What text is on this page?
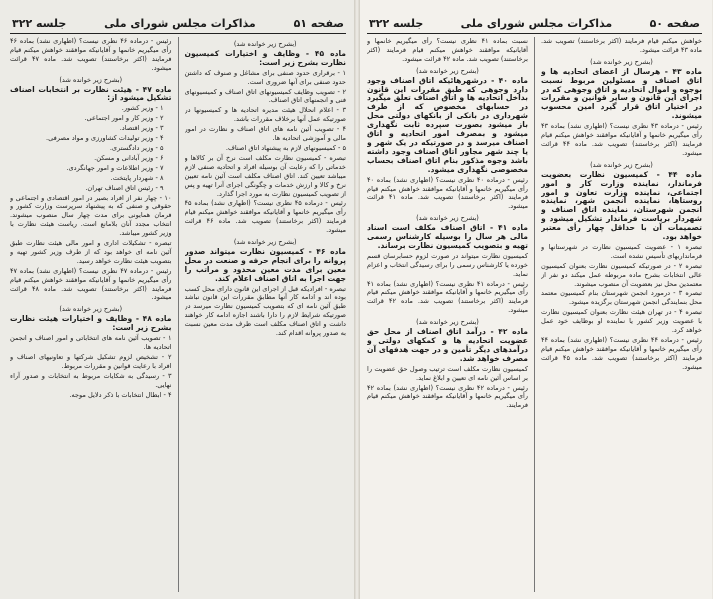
صفحه ۵۱
مذاکرات مجلس شورای ملی
جلسه ۳۲۲

رئیس - درماده ۴۶ نظری نیست؟ (اظهاری نشد) بماده ۴۶ رأی میگیریم خانمها و آقایانیکه موافقند خواهش میکنم قیام فرمایند (اکثر برخاستند) تصویب شد. ماده ۴۷ قرائت میشود.

(بشرح زیر خوانده شد)

ماده ۴۷ - هیئت نظارت بر انتخابات اصناف تشکیل میشود از:

۱ - وزیر کشور.

۲ - وزیر کار و امور اجتماعی.

۳ - وزیر اقتصاد.

۴ - وزیر تولیدات کشاورزی و مواد مصرفی.

۵ - وزیر دادگستری.

۶ - وزیر آبادانی و مسکن.

۷ - وزیر اطلاعات و امور جهانگردی.

۸ - شهردار پایتخت.

۹ - رئیس اتاق اصناف تهران.

۱۰ - چهار نفر از افراد بصیر در امور اقتصادی و اجتماعی و حقوقی و صنفی که به پیشنهاد سرپرست وزارت کشور و فرمان همایونی برای مدت چهار سال منصوب میشوند. انتخاب مجدد آنان بلامانع است. ریاست هیئت نظارت با وزیر کشور میباشد.

تبصره - تشکیلات اداری و امور مالی هیئت نظارت طبق آئین نامه ای خواهد بود که از طرف وزیر کشور تهیه و بتصویب هیئت نظارت خواهد رسید.

رئیس - درماده ۴۷ نظری نیست؟ (اظهاری نشد) بماده ۴۷ رأی میگیریم خانمها و آقایانیکه موافقند خواهش میکنم قیام فرمایند (اکثر برخاستند) تصویب شد. ماده ۴۸ قرائت میشود.

(بشرح زیر خوانده شد)

ماده ۴۸ - وظایف و اختیارات هیئت نظارت بشرح زیر است:

۱ - تصویب آئین نامه های انتخاباتی و امور اصناف و انجمن اتحادیه ها.

۲ - تشخیص لزوم تشکیل شرکتها و تعاونیهای اصناف و افراد با رعایت قوانین و مقررات مربوط.

۳ - رسیدگی به شکایات مربوط به انتخابات و صدور آراء نهایی.

۴ - ابطال انتخابات با ذکر دلایل موجه.

(بشرح زیر خوانده شد)

ماده ۴۵ - وظایف و اختیارات کمیسیون نظارت بشرح زیر است:

۱ - برقراری حدود صنفی برای مشاغل و صنوف که داشتن حدود صنفی برای آنها ضروری است.

۲ - تصویب وظایف کمیسیونهای اتاق اصناف و کمیسیونهای فنی و انجمنهای اتاق اصناف.

۳ - اعلام انحلال هیئت مدیره اتحادیه ها و کمیسیونها در صورتیکه عمل آنها برخلاف مقررات باشد.

۴ - تصویب آئین نامه های اتاق اصناف و نظارت در امور مالی و آموزشی اتحادیه ها.

۵ - کمیسیونهای لازم به پیشنهاد اتاق اصناف.

تبصره - کمیسیون نظارت مکلف است نرخ آن بر کالاها و خدماتی را که رعایت آن بوسیله افراد و اتحادیه صنفی لازم میباشد تعیین کند. اتاق اصناف مکلف است آئین نامه تعیین نرخ و کالا و ارزش خدمات و چگونگی اجرای آنرا تهیه و پس از تصویب کمیسیون نظارت به مورد اجرا گذارد.

رئیس - درماده ۴۵ نظری نیست؟ (اظهاری نشد) بماده ۴۵ رأی میگیریم خانمها و آقایانیکه موافقند خواهش میکنم قیام فرمایند (اکثر برخاستند) تصویب شد. ماده ۴۶ قرائت میشود.

(بشرح زیر خوانده شد)

ماده ۴۶ - کمیسیون نظارت میتواند صدور پروانه را برای انجام حرفه و صنعت در محل معین برای مدت معین محدود و مراتب را جهت اجرا به اتاق اصناف اعلام کند.

تبصره - افرادیکه قبل از اجرای این قانون دارای محل کسب بوده اند و ادامه کار آنها مطابق مقررات این قانون نباشد طبق آئین نامه ای که بتصویب کمیسیون نظارت میرسد در صورتیکه شرایط لازم را دارا باشند اجازه ادامه کار خواهند داشت و اتاق اصناف مکلف است ظرف مدت معین نسبت به صدور پروانه اقدام کند.

صفحه ۵۰
مذاکرات مجلس شورای ملی
جلسه ۳۲۲

نسبت بماده ۴۱ نظری نیست؟ رأی میگیریم خانمها و آقایانیکه موافقند خواهش میکنم قیام فرمایند (اکثر برخاستند) تصویب شد. ماده ۴۲ قرائت میشود.

(بشرح زیر خوانده شد)

ماده ۴۰ - درشهرهائیکه اتاق اصناف وجود دارد وجوهی که طبق مقررات این قانون بداخل اتحادیه ها و اتاق اصناف تعلق میگیرد در حسابهای مخصوص که از طرف شهرداری در بانکی از بانکهای دولتی محل باز میشود بصورت سپرده ثابت نگهداری میشود و بمصرف امور اتحادیه و اتاق اصناف میرسد و در صورتیکه در یک شهر و یا چند شهر مجاور اتاق اصناف وجود داشته باشد وجوه مذکور بنام اتاق اصناف بحساب مخصوصی نگهداری میشود.

رئیس - درماده ۴۰ نظری نیست؟ (اظهاری نشد) بماده ۴۰ رأی میگیریم خانمها و آقایانیکه موافقند خواهش میکنم قیام فرمایند (اکثر برخاستند) تصویب شد. ماده ۴۱ قرائت میشود.

(بشرح زیر خوانده شد)

ماده ۴۱ - اتاق اصناف مکلف است اسناد مالی هر سال را بوسیله کارشناس رسمی تهیه و بتصویب کمیسیون نظارت برساند.

کمیسیون نظارت میتواند در صورت لزوم حسابرسان قسم خورده یا کارشناس رسمی را برای رسیدگی انتخاب و اعزام نماید.

رئیس - درماده ۴۱ نظری نیست؟ (اظهاری نشد) بماده ۴۱ رأی میگیریم خانمها و آقایانیکه موافقند خواهش میکنم قیام فرمایند (اکثر برخاستند) تصویب شد. ماده ۴۲ قرائت میشود.

(بشرح زیر خوانده شد)

ماده ۴۲ - درآمد اتاق اصناف از محل حق عضویت اتحادیه ها و کمکهای دولتی و درآمدهای دیگر تأمین و در جهت هدفهای آن مصرف خواهد شد.

کمیسیون نظارت مکلف است ترتیب وصول حق عضویت را بر اساس آئین نامه ای تعیین و ابلاغ نماید.

رئیس - درماده ۴۲ نظری نیست؟ (اظهاری نشد) بماده ۴۲ رأی میگیریم خانمها و آقایانیکه موافقند خواهش میکنم قیام فرمایند.

خواهش میکنم قیام فرمایند (اکثر برخاستند) تصویب شد. ماده ۴۳ قرائت میشود.

(بشرح زیر خوانده شد)

ماده ۴۳ - هرسال از اعضای اتحادیه ها و اتاق اصناف و مسئولین مربوط نسبت بوجوه و اموال اتحادیه و اتاق وجوهی که در اجرای این قانون و سایر قوانین و مقررات در اختیار اتاق قرار گیرد امین محسوب میشوند.

رئیس - درماده ۴۳ نظری نیست؟ (اظهاری نشد) بماده ۴۳ رأی میگیریم خانمها و آقایانیکه موافقند خواهش میکنم قیام فرمایند (اکثر برخاستند) تصویب شد. ماده ۴۴ قرائت میشود.

(بشرح زیر خوانده شد)

ماده ۴۴ - کمیسیون نظارت بعضویت فرماندار، نماینده وزارت کار و امور اجتماعی، نماینده وزارت تعاون و امور روستاها، نماینده انجمن شهر، نماینده انجمن شهرستان، نماینده اتاق اصناف و شهردار بریاست فرماندار تشکیل میشود و تصمیمات آن با حداقل چهار رأی معتبر خواهد بود.

تبصره ۱ - عضویت کمیسیون نظارت در شهرستانها و فرمانداریهای تأسیس نشده است.

تبصره ۲ - در صورتیکه کمیسیون نظارت بعنوان کمیسیون عالی انتخابات بشرح ماده مربوطه عمل میکند دو نفر از معتمدین محل نیز بعضویت آن منصوب میشوند.

تبصره ۳ - درمورد انجمن شهرستان بنام کمیسیون معتمد محل بنمایندگی انجمن شهرستان برگزیده میشود.

تبصره ۴ - در تهران هیئت نظارت بعنوان کمیسیون نظارت با عضویت وزیر کشور یا نماینده او بوظایف خود عمل خواهد کرد.

رئیس - درماده ۴۴ نظری نیست؟ (اظهاری نشد) بماده ۴۴ رأی میگیریم خانمها و آقایانیکه موافقند خواهش میکنم قیام فرمایند (اکثر برخاستند) تصویب شد. ماده ۴۵ قرائت میشود.
